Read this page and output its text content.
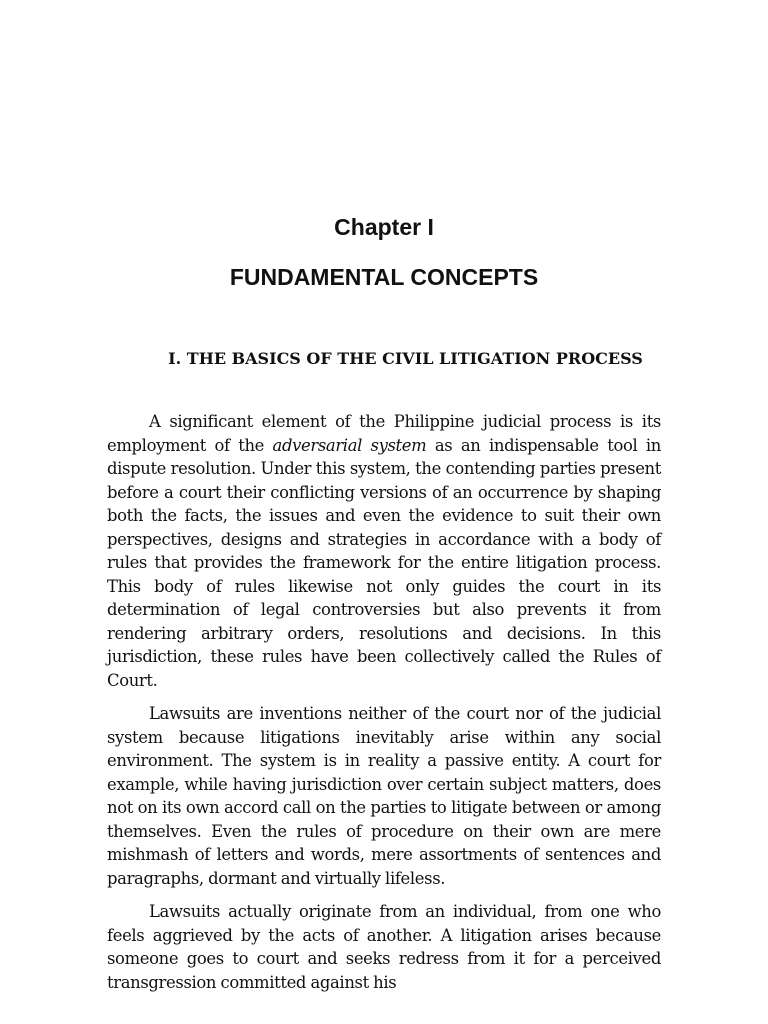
Chapter I
FUNDAMENTAL CONCEPTS
I. THE BASICS OF THE CIVIL LITIGATION PROCESS

A significant element of the Philippine judicial process is its employment of the adversarial system as an indispensable tool in dispute resolution. Under this system, the contending parties present before a court their conflicting versions of an occurrence by shaping both the facts, the issues and even the evidence to suit their own perspectives, designs and strategies in accordance with a body of rules that provides the framework for the entire litigation process. This body of rules likewise not only guides the court in its determination of legal controversies but also prevents it from rendering arbitrary orders, resolutions and decisions. In this jurisdiction, these rules have been collectively called the Rules of Court.

Lawsuits are inventions neither of the court nor of the judicial system because litigations inevitably arise within any social environment. The system is in reality a passive entity. A court for example, while having jurisdiction over certain subject matters, does not on its own accord call on the parties to litigate between or among themselves. Even the rules of procedure on their own are mere mishmash of letters and words, mere assortments of sentences and paragraphs, dormant and virtually lifeless.

Lawsuits actually originate from an individual, from one who feels aggrieved by the acts of another. A litigation arises because someone goes to court and seeks redress from it for a perceived transgression committed against his
